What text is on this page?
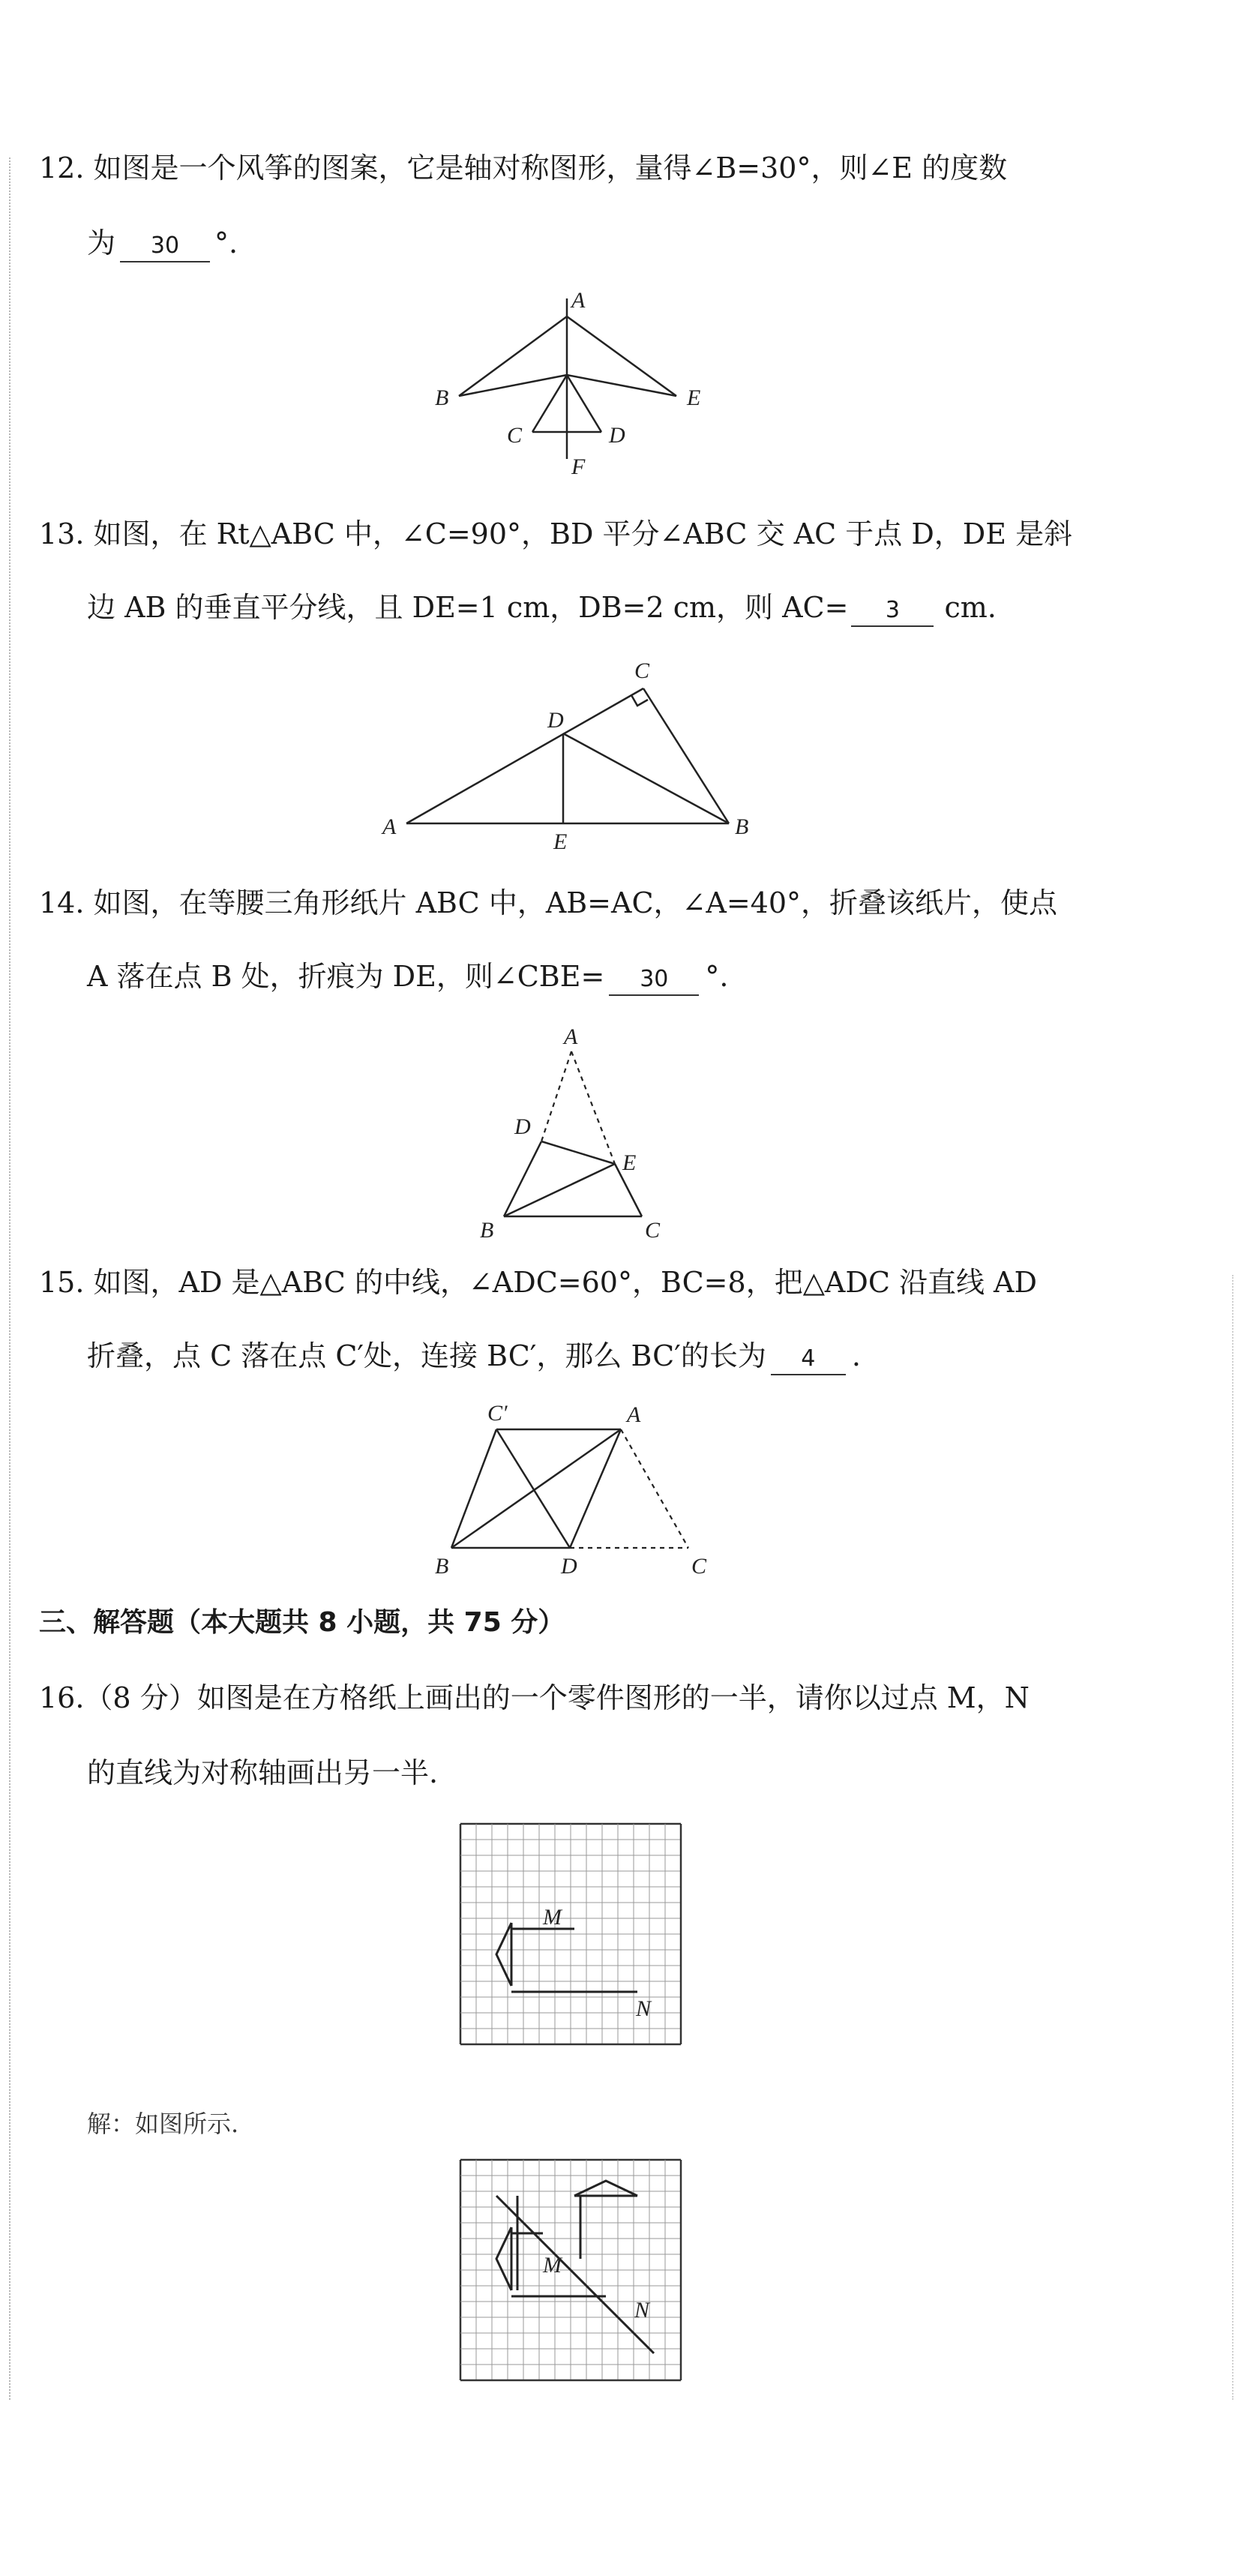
12. 如图是一个风筝的图案，它是轴对称图形，量得∠B=30°，则∠E 的度数
为 30 °.
A
B	E
C	D
F
13. 如图，在 Rt△ABC 中，∠C=90°，BD 平分∠ABC 交 AC 于点 D，DE 是斜
边 AB 的垂直平分线，且 DE=1 cm，DB=2 cm，则 AC= 3 cm.
C
D
A	B
E
14. 如图，在等腰三角形纸片 ABC 中，AB=AC，∠A=40°，折叠该纸片，使点
A 落在点 B 处，折痕为 DE，则∠CBE= 30 °.
A
D
E
B	C
15. 如图，AD 是△ABC 的中线，∠ADC=60°，BC=8，把△ADC 沿直线 AD
折叠，点 C 落在点 C′处，连接 BC′，那么 BC′的长为 4 .
C′	A
B	D	C
三、解答题（本大题共 8 小题，共 75 分）
16.（8 分）如图是在方格纸上画出的一个零件图形的一半，请你以过点 M，N
的直线为对称轴画出另一半.
M
N
解：如图所示.
M
N
